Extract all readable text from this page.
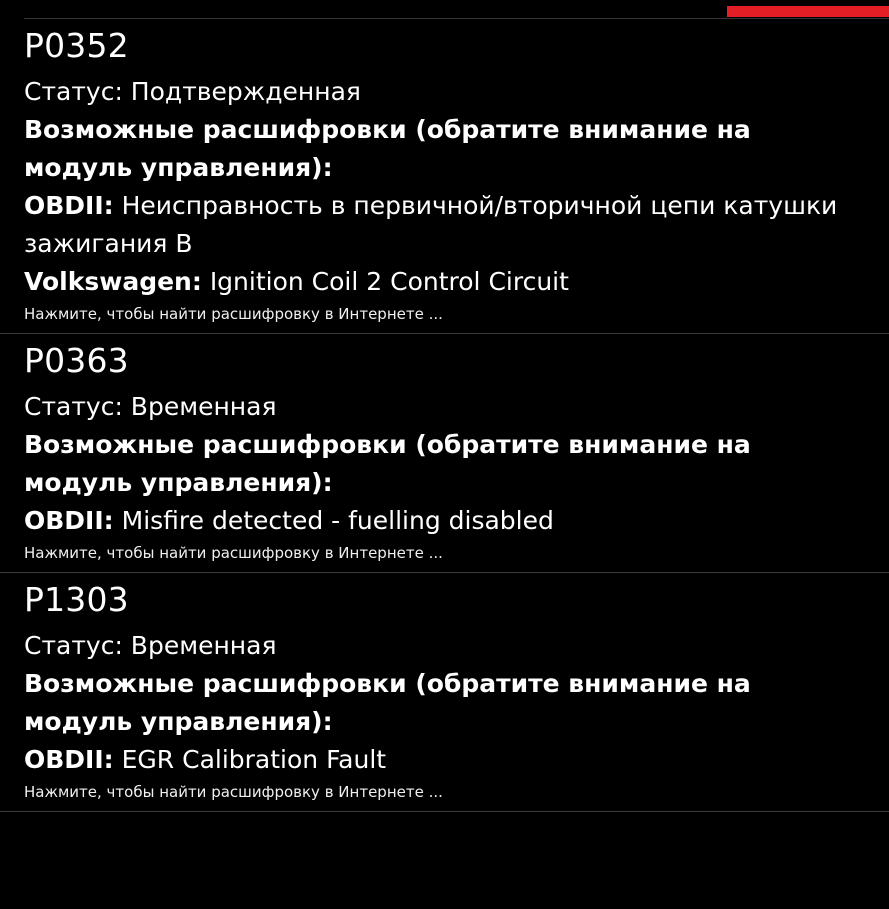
P0352
Статус: Подтвержденная
Возможные расшифровки (обратите внимание на модуль управления):
OBDII: Неисправность в первичной/вторичной цепи катушки зажигания B
Volkswagen: Ignition Coil 2 Control Circuit
Нажмите, чтобы найти расшифровку в Интернете ...
P0363
Статус: Временная
Возможные расшифровки (обратите внимание на модуль управления):
OBDII: Misfire detected - fuelling disabled
Нажмите, чтобы найти расшифровку в Интернете ...
P1303
Статус: Временная
Возможные расшифровки (обратите внимание на модуль управления):
OBDII: EGR Calibration Fault
Нажмите, чтобы найти расшифровку в Интернете ...
